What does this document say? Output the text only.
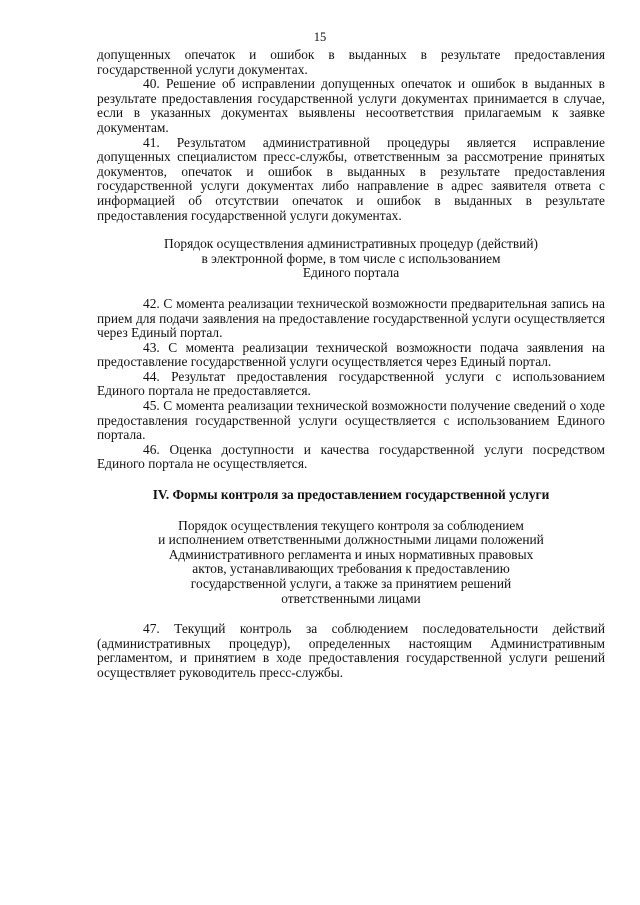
15

допущенных опечаток и ошибок в выданных в результате предоставления государственной услуги документах.

40. Решение об исправлении допущенных опечаток и ошибок в выданных в результате предоставления государственной услуги документах принимается в случае, если в указанных документах выявлены несоответствия прилагаемым к заявке документам.

41. Результатом административной процедуры является исправление допущенных специалистом пресс-службы, ответственным за рассмотрение принятых документов, опечаток и ошибок в выданных в результате предоставления государственной услуги документах либо направление в адрес заявителя ответа с информацией об отсутствии опечаток и ошибок в выданных в результате предоставления государственной услуги документах.

Порядок осуществления административных процедур (действий)

в электронной форме, в том числе с использованием

Единого портала

42. С момента реализации технической возможности предварительная запись на прием для подачи заявления на предоставление государственной услуги осуществляется через Единый портал.

43. С момента реализации технической возможности подача заявления на предоставление государственной услуги осуществляется через Единый портал.

44. Результат предоставления государственной услуги с использованием Единого портала не предоставляется.

45. С момента реализации технической возможности получение сведений о ходе предоставления государственной услуги осуществляется с использованием Единого портала.

46. Оценка доступности и качества государственной услуги посредством Единого портала не осуществляется.

IV. Формы контроля за предоставлением государственной услуги

Порядок осуществления текущего контроля за соблюдением

и исполнением ответственными должностными лицами положений

Административного регламента и иных нормативных правовых

актов, устанавливающих требования к предоставлению

государственной услуги, а также за принятием решений

ответственными лицами

47. Текущий контроль за соблюдением последовательности действий (административных процедур), определенных настоящим Административным регламентом, и принятием в ходе предоставления государственной услуги решений осуществляет руководитель пресс-службы.
